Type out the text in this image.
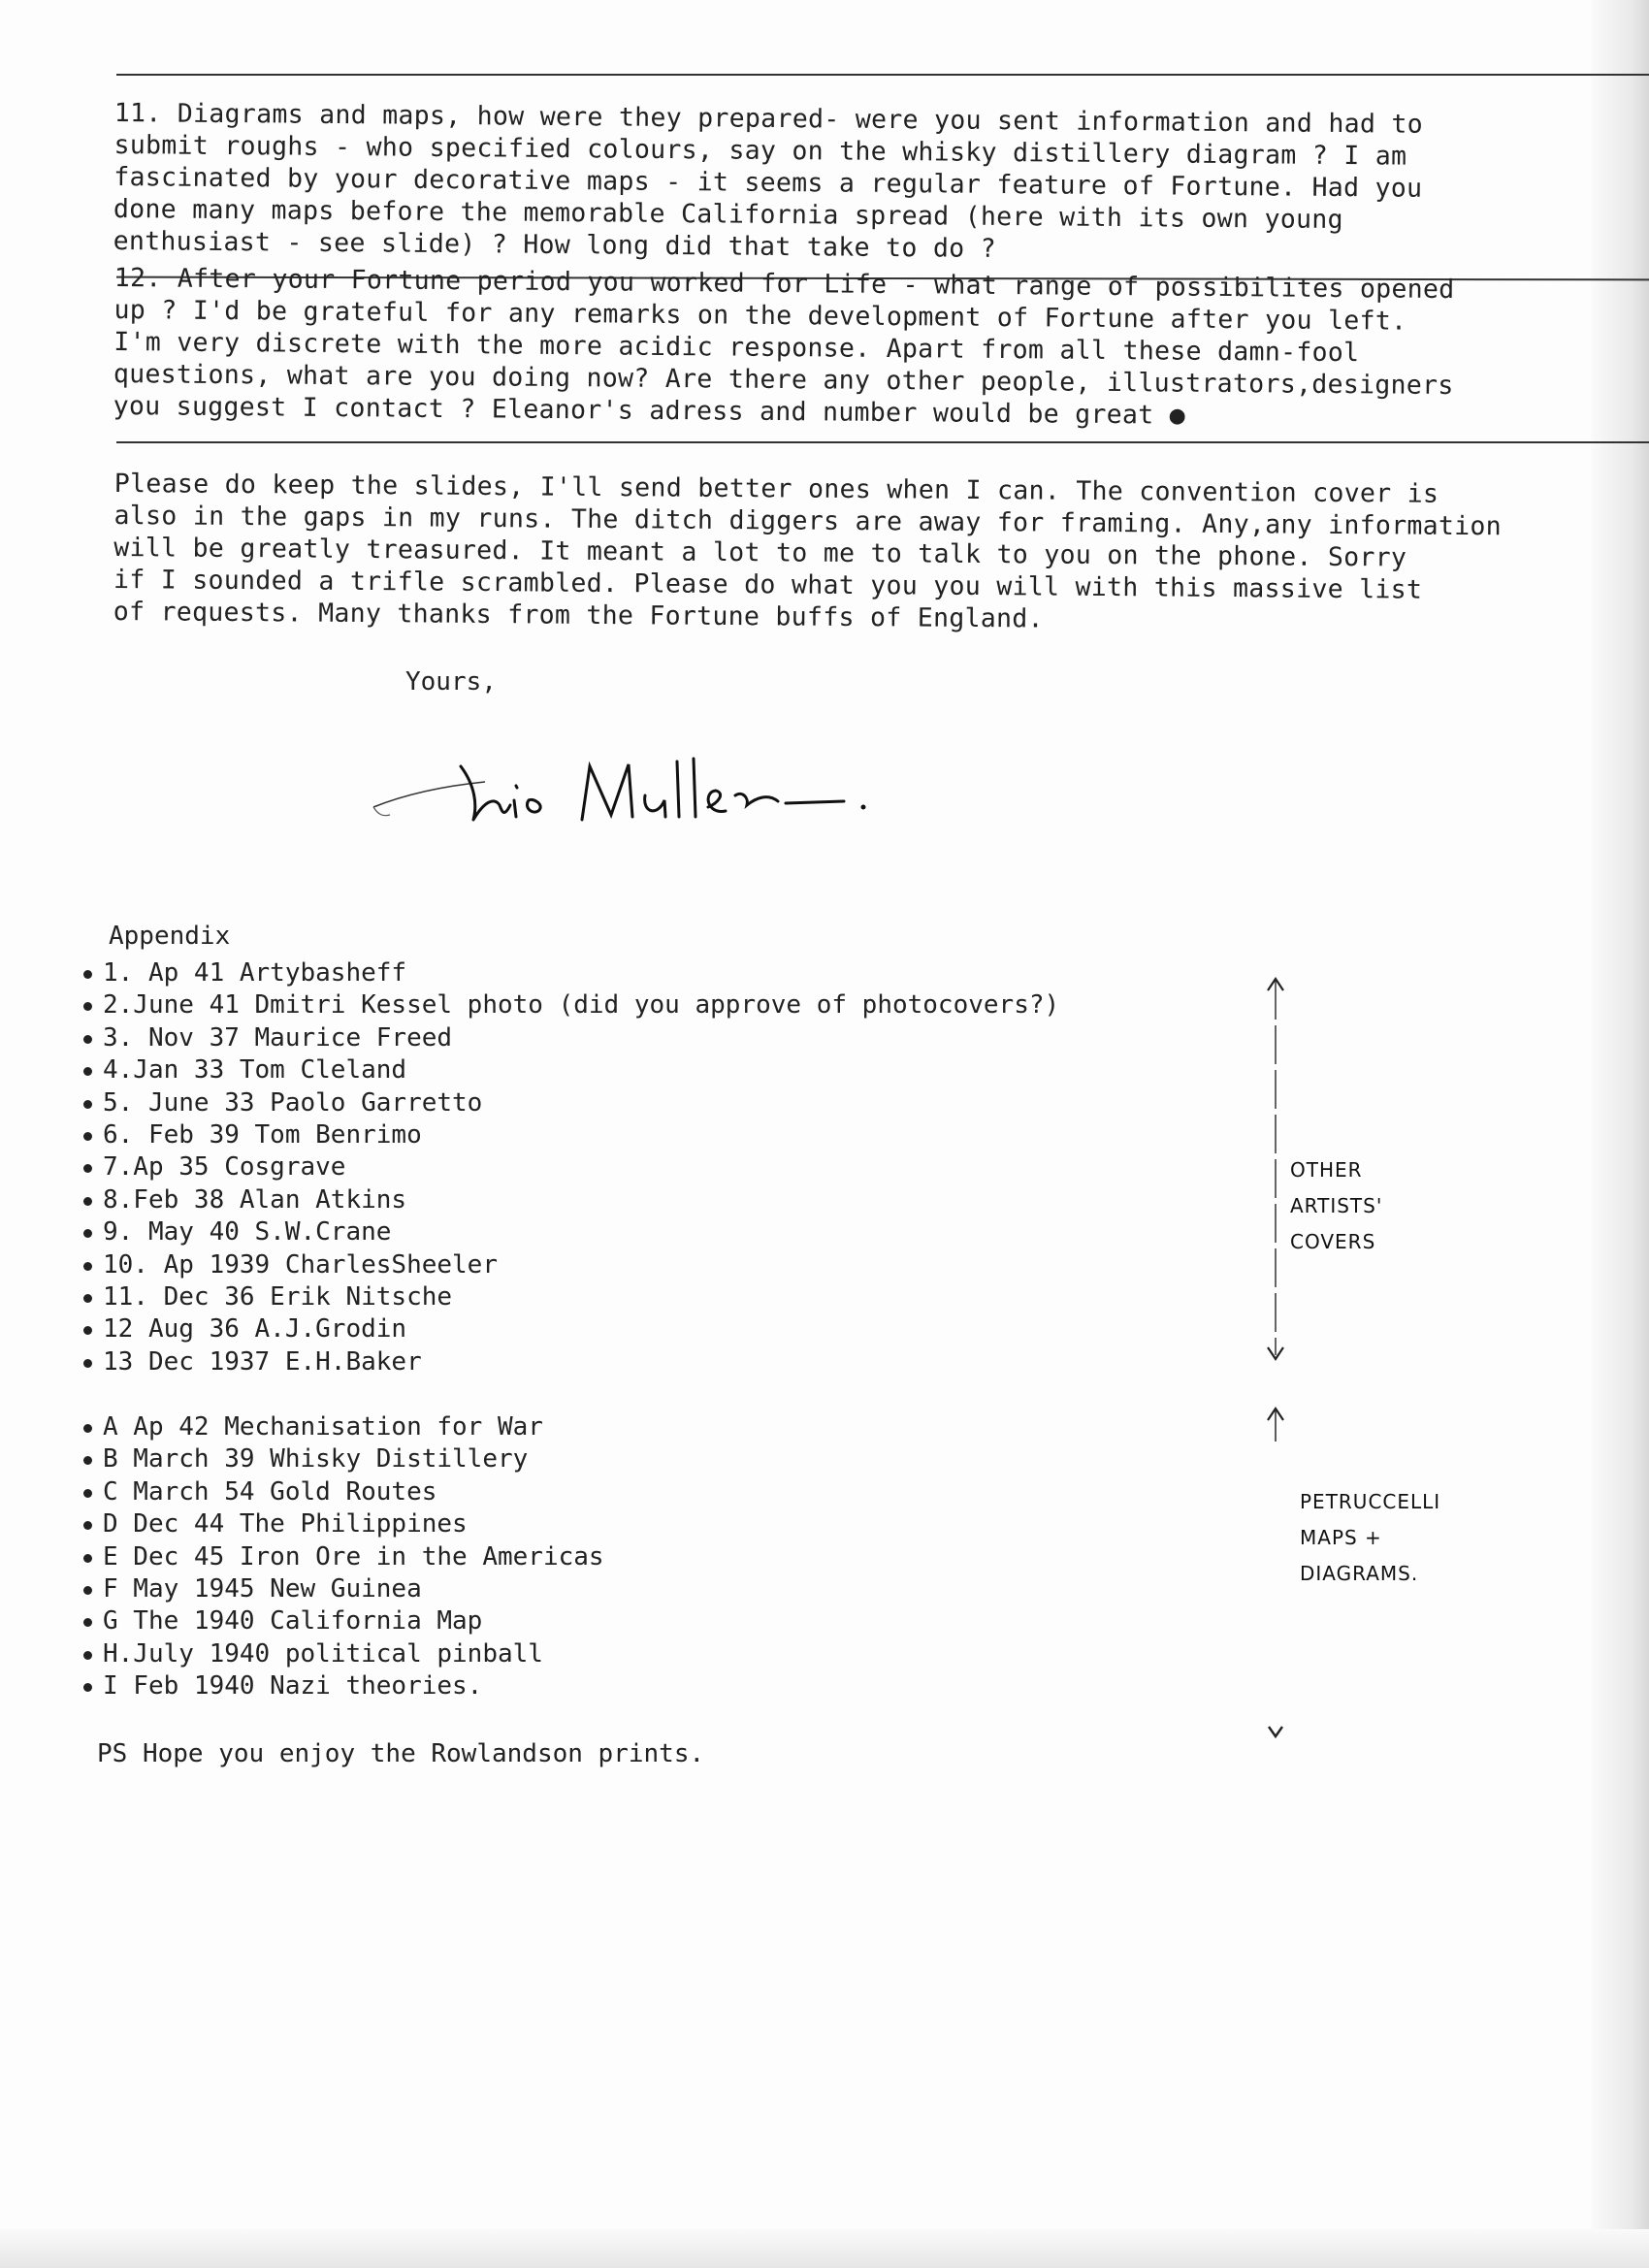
11. Diagrams and maps, how were they prepared- were you sent information and had to
submit roughs - who specified colours, say on the whisky distillery diagram ? I am
fascinated by your decorative maps - it seems a regular feature of Fortune. Had you
done many maps before the memorable California spread (here with its own young
enthusiast - see slide) ? How long did that take to do ?
12. After your Fortune period you worked for Life - what range of possibilites opened
up ? I'd be grateful for any remarks on the development of Fortune after you left.
I'm very discrete with the more acidic response. Apart from all these damn-fool
questions, what are you doing now? Are there any other people, illustrators,designers
you suggest I contact ? Eleanor's adress and number would be great ●
Please do keep the slides, I'll send better ones when I can. The convention cover is
also in the gaps in my runs. The ditch diggers are away for framing. Any,any information
will be greatly treasured. It meant a lot to me to talk to you on the phone. Sorry
if I sounded a trifle scrambled. Please do what you you will with this massive list
of requests. Many thanks from the Fortune buffs of England.
Yours,
Appendix
1. Ap 41 Artybasheff
2.June 41 Dmitri Kessel photo (did you approve of photocovers?)
3. Nov 37 Maurice Freed
4.Jan 33 Tom Cleland
5. June 33 Paolo Garretto
6. Feb 39 Tom Benrimo
7.Ap 35 Cosgrave
8.Feb 38 Alan Atkins
9. May 40 S.W.Crane
10. Ap 1939 CharlesSheeler
11. Dec 36 Erik Nitsche
12 Aug 36 A.J.Grodin
13 Dec 1937 E.H.Baker
A Ap 42 Mechanisation for War
B March 39 Whisky Distillery
C March 54 Gold Routes
D Dec 44 The Philippines
E Dec 45 Iron Ore in the Americas
F May 1945 New Guinea
G The 1940 California Map
H.July 1940 political pinball
I Feb 1940 Nazi theories.
OTHER
ARTISTS'
COVERS
PETRUCCELLI
MAPS +
DIAGRAMS.
PS Hope you enjoy the Rowlandson prints.
